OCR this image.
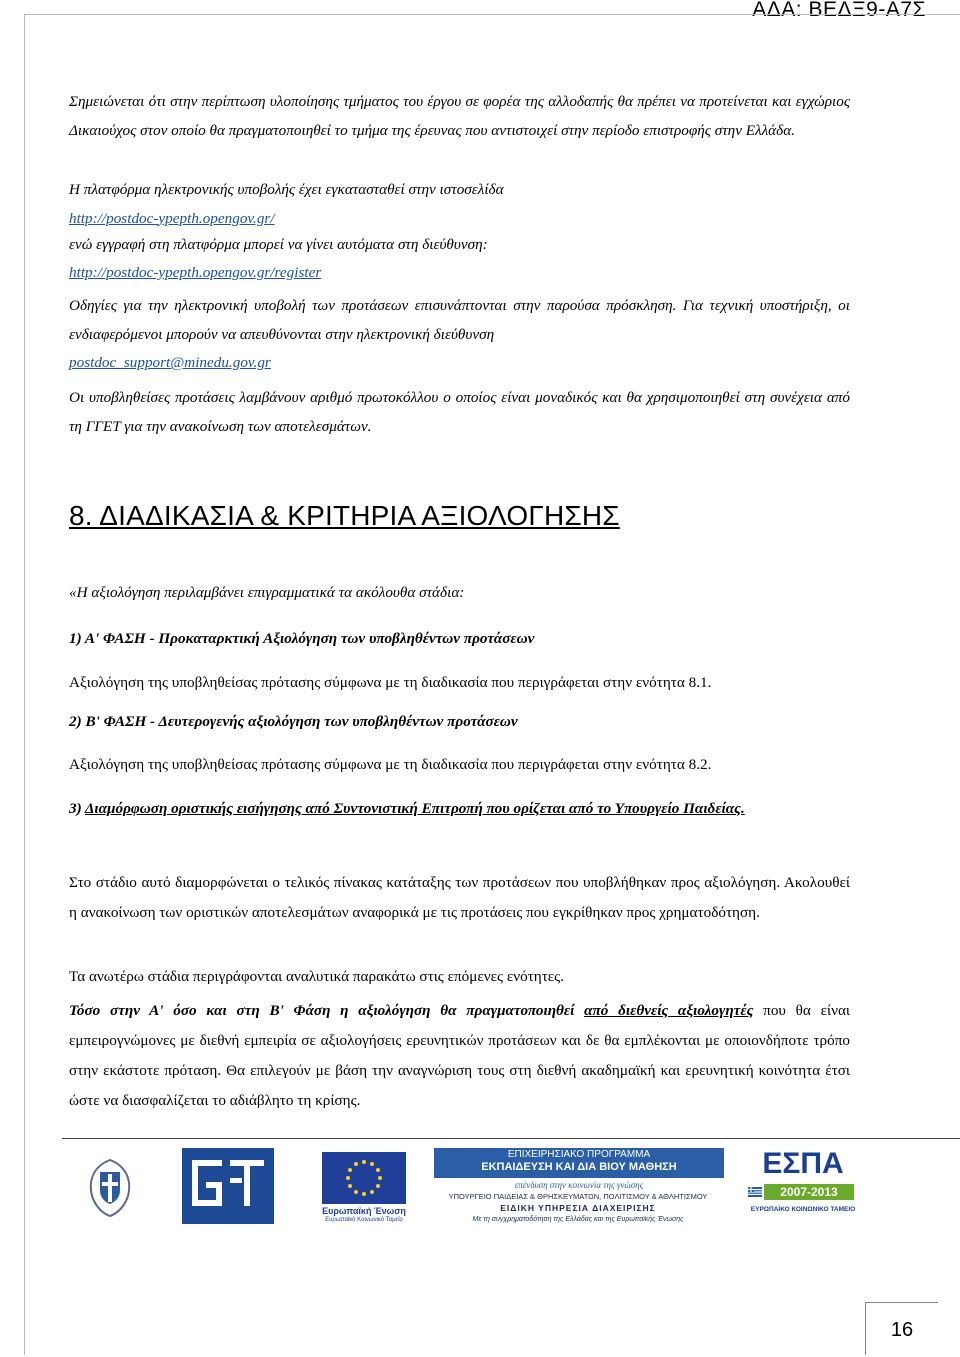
ΑΔΑ: ΒΕΔΞ9-Α7Σ

Σημειώνεται ότι στην περίπτωση υλοποίησης τμήματος του έργου σε φορέα της αλλοδαπής θα πρέπει να προτείνεται και εγχώριος Δικαιούχος στον οποίο θα πραγματοποιηθεί το τμήμα της έρευνας που αντιστοιχεί στην περίοδο επιστροφής στην Ελλάδα.

Η πλατφόρμα ηλεκτρονικής υποβολής έχει εγκατασταθεί στην ιστοσελίδα

http://postdoc-ypepth.opengov.gr/

ενώ εγγραφή στη πλατφόρμα μπορεί να γίνει αυτόματα στη διεύθυνση:

http://postdoc-ypepth.opengov.gr/register

Οδηγίες για την ηλεκτρονική υποβολή των προτάσεων επισυνάπτονται στην παρούσα πρόσκληση. Για τεχνική υποστήριξη, οι ενδιαφερόμενοι μπορούν να απευθύνονται στην ηλεκτρονική διεύθυνση

postdoc_support@minedu.gov.gr

Οι υποβληθείσες προτάσεις λαμβάνουν αριθμό πρωτοκόλλου ο οποίος είναι μοναδικός και θα χρησιμοποιηθεί στη συνέχεια από τη ΓΓΕΤ για την ανακοίνωση των αποτελεσμάτων.

8. ΔΙΑΔΙΚΑΣΙΑ & ΚΡΙΤΗΡΙΑ ΑΞΙΟΛΟΓΗΣΗΣ

«Η αξιολόγηση περιλαμβάνει επιγραμματικά τα ακόλουθα στάδια:

1) Α' ΦΑΣΗ - Προκαταρκτική Αξιολόγηση των υποβληθέντων προτάσεων

Αξιολόγηση της υποβληθείσας πρότασης σύμφωνα με τη διαδικασία που περιγράφεται στην ενότητα 8.1.

2) Β' ΦΑΣΗ - Δευτερογενής αξιολόγηση των υποβληθέντων προτάσεων

Αξιολόγηση της υποβληθείσας πρότασης σύμφωνα με τη διαδικασία που περιγράφεται στην ενότητα 8.2.

3) Διαμόρφωση οριστικής εισήγησης από Συντονιστική Επιτροπή που ορίζεται από το Υπουργείο Παιδείας.

Στο στάδιο αυτό διαμορφώνεται ο τελικός πίνακας κατάταξης των προτάσεων που υποβλήθηκαν προς αξιολόγηση. Ακολουθεί η ανακοίνωση των οριστικών αποτελεσμάτων αναφορικά με τις προτάσεις που εγκρίθηκαν προς χρηματοδότηση.

Τα ανωτέρω στάδια περιγράφονται αναλυτικά παρακάτω στις επόμενες ενότητες.

Τόσο στην Α' όσο και στη Β' Φάση η αξιολόγηση θα πραγματοποιηθεί από διεθνείς αξιολογητές που θα είναι εμπειρογνώμονες με διεθνή εμπειρία σε αξιολογήσεις ερευνητικών προτάσεων και δε θα εμπλέκονται με οποιονδήποτε τρόπο στην εκάστοτε πρόταση. Θα επιλεγούν με βάση την αναγνώριση τους στη διεθνή ακαδημαϊκή και ερευνητική κοινότητα έτσι ώστε να διασφαλίζεται το αδιάβλητο τη κρίσης.

Ευρωπαϊκή Ένωση
Ευρωπαϊκό Κοινωνικό Ταμείο
ΕΠΙΧΕΙΡΗΣΙΑΚΟ ΠΡΟΓΡΑΜΜΑ
ΕΚΠΑΙΔΕΥΣΗ ΚΑΙ ΔΙΑ ΒΙΟΥ ΜΑΘΗΣΗ
επένδυση στην κοινωνία της γνώσης
ΥΠΟΥΡΓΕΙΟ ΠΑΙΔΕΙΑΣ & ΘΡΗΣΚΕΥΜΑΤΩΝ, ΠΟΛΙΤΙΣΜΟΥ & ΑΘΛΗΤΙΣΜΟΥ
ΕΙΔΙΚΗ ΥΠΗΡΕΣΙΑ ΔΙΑΧΕΙΡΙΣΗΣ
Με τη συγχρηματοδότηση της Ελλάδας και της Ευρωπαϊκής Ένωσης
ΕΣΠΑ
2007-2013
ΕΥΡΩΠΑΪΚΟ ΚΟΙΝΩΝΙΚΟ ΤΑΜΕΙΟ
16
